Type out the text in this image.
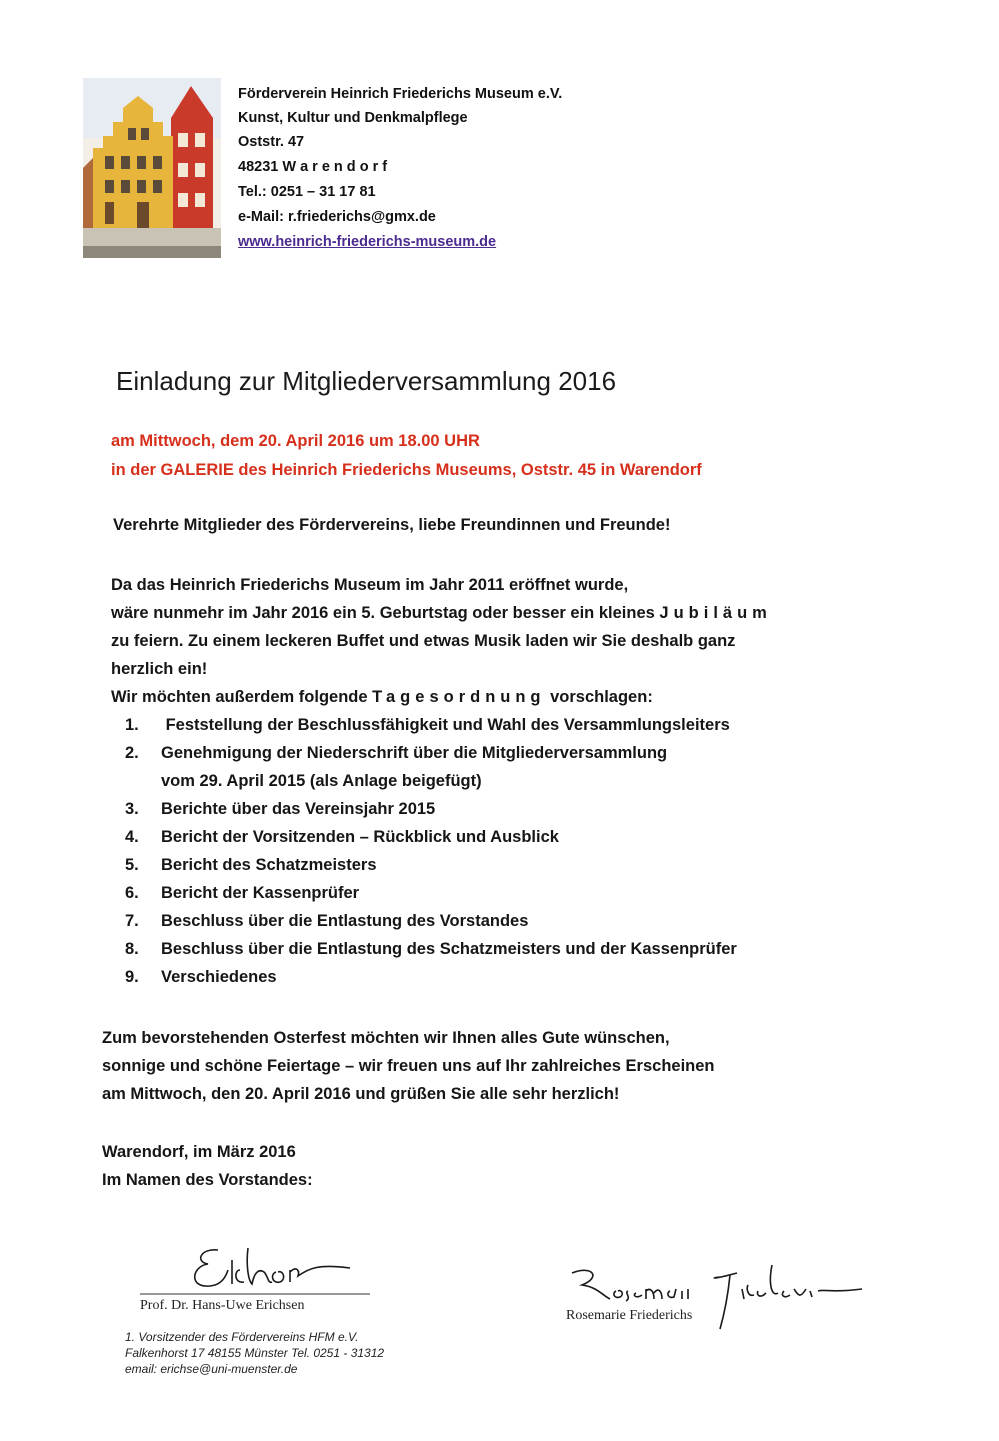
Förderverein Heinrich Friederichs Museum e.V.
Kunst, Kultur und Denkmalpflege
Oststr. 47
48231 W a r e n d o r f
Tel.: 0251 – 31 17 81
e-Mail: r.friederichs@gmx.de
www.heinrich-friederichs-museum.de
Einladung zur Mitgliederversammlung 2016
am Mittwoch, dem 20. April 2016 um 18.00 UHR
in der GALERIE des Heinrich Friederichs Museums, Oststr. 45 in Warendorf
Verehrte Mitglieder des Fördervereins, liebe Freundinnen und Freunde!
Da das Heinrich Friederichs Museum im Jahr 2011 eröffnet wurde,
wäre nunmehr im Jahr 2016 ein 5. Geburtstag oder besser ein kleines Jubiläum
zu feiern. Zu einem leckeren Buffet und etwas Musik laden wir Sie deshalb ganz
herzlich ein!
Wir möchten außerdem folgende Tagesordnung vorschlagen:
1. Feststellung der Beschlussfähigkeit und Wahl des Versammlungsleiters
2. Genehmigung der Niederschrift über die Mitgliederversammlung
vom 29. April 2015 (als Anlage beigefügt)
3. Berichte über das Vereinsjahr 2015
4. Bericht der Vorsitzenden – Rückblick und Ausblick
5. Bericht des Schatzmeisters
6. Bericht der Kassenprüfer
7. Beschluss über die Entlastung des Vorstandes
8. Beschluss über die Entlastung des Schatzmeisters und der Kassenprüfer
9. Verschiedenes
Zum bevorstehenden Osterfest möchten wir Ihnen alles Gute wünschen,
sonnige und schöne Feiertage – wir freuen uns auf Ihr zahlreiches Erscheinen
am Mittwoch, den 20. April 2016 und grüßen Sie alle sehr herzlich!
Warendorf, im März 2016
Im Namen des Vorstandes:
Prof. Dr. Hans-Uwe Erichsen
1. Vorsitzender des Fördervereins HFM e.V.
Falkenhorst 17 48155 Münster Tel. 0251 - 31312
email: erichse@uni-muenster.de
Rosemarie Friederichs
